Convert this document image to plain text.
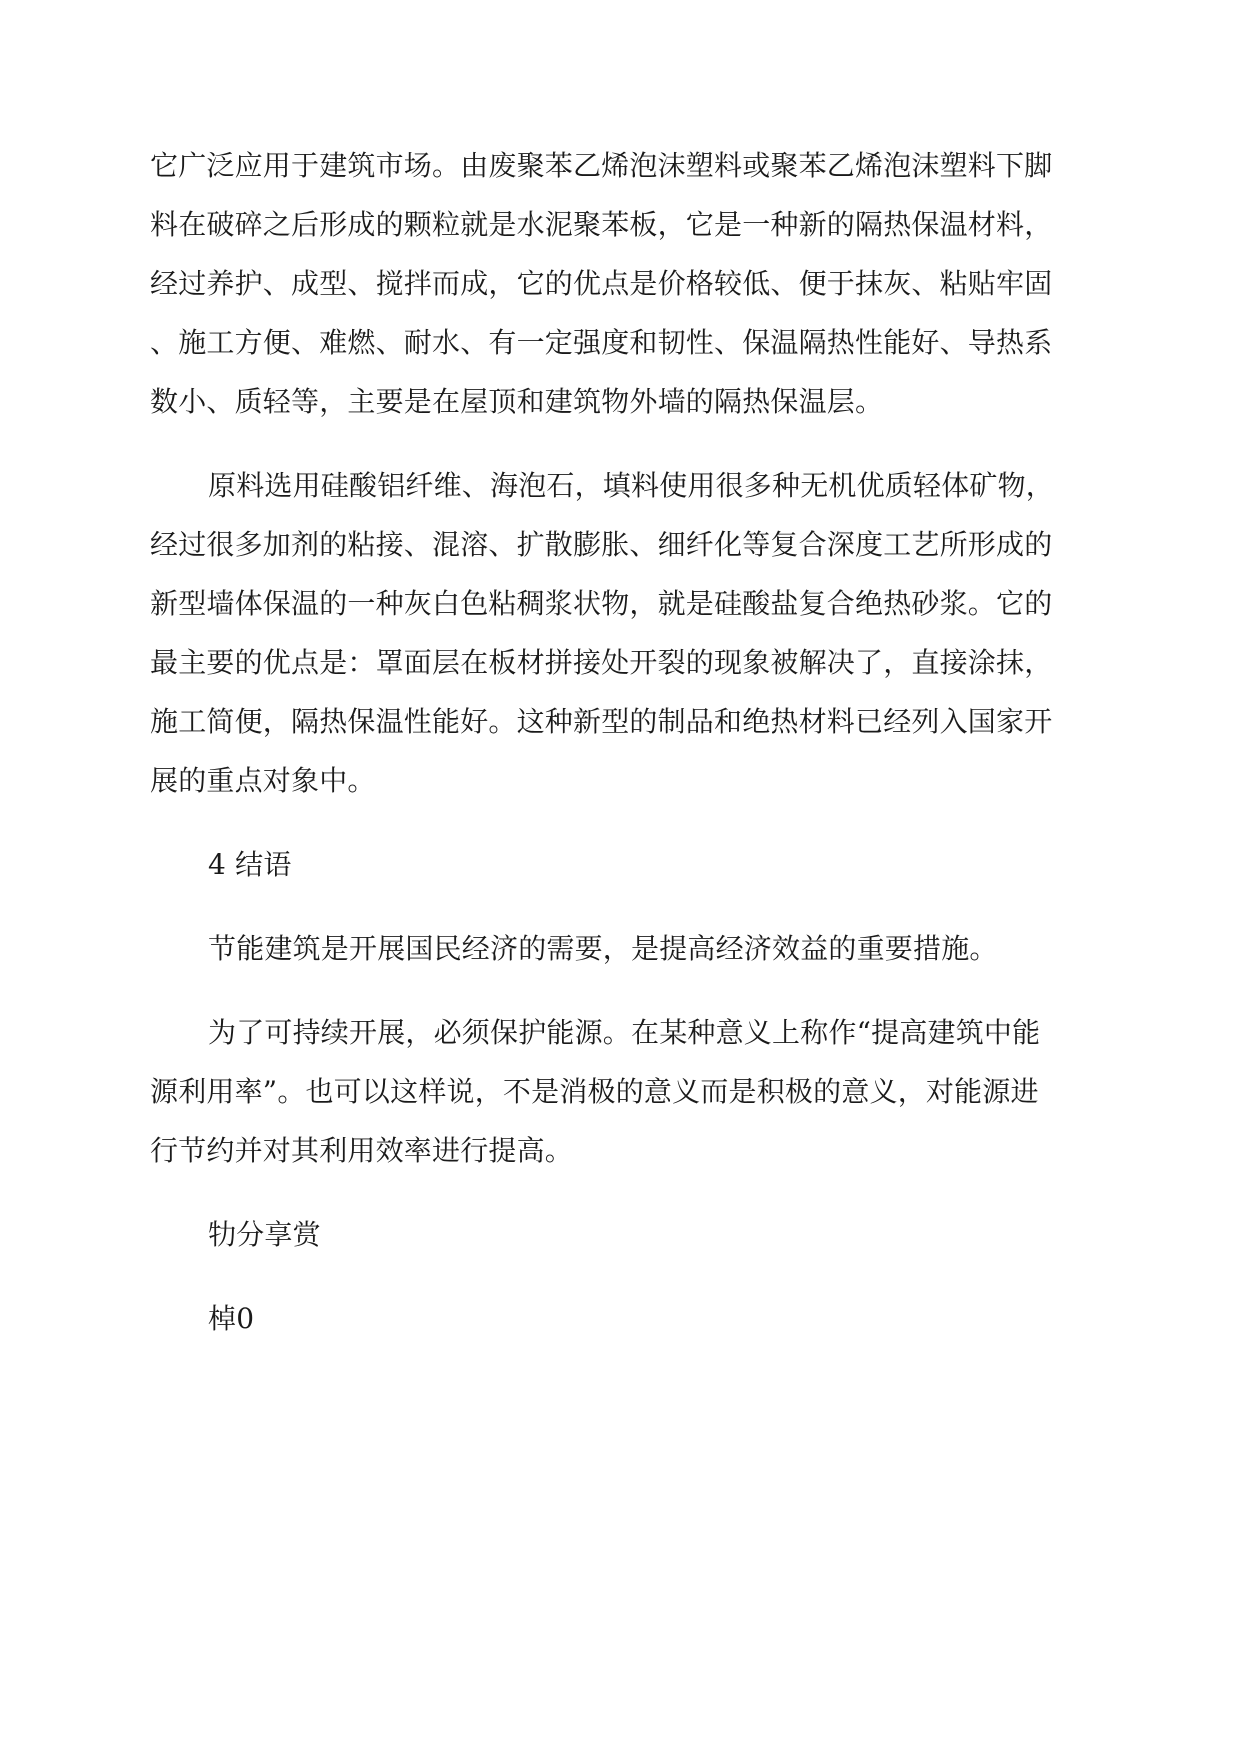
它广泛应用于建筑市场。由废聚苯乙烯泡沫塑料或聚苯乙烯泡沫塑料下脚
料在破碎之后形成的颗粒就是水泥聚苯板，它是一种新的隔热保温材料，
经过养护、成型、搅拌而成，它的优点是价格较低、便于抹灰、粘贴牢固
、施工方便、难燃、耐水、有一定强度和韧性、保温隔热性能好、导热系
数小、质轻等，主要是在屋顶和建筑物外墙的隔热保温层。

原料选用硅酸铝纤维、海泡石，填料使用很多种无机优质轻体矿物，
经过很多加剂的粘接、混溶、扩散膨胀、细纤化等复合深度工艺所形成的
新型墙体保温的一种灰白色粘稠浆状物，就是硅酸盐复合绝热砂浆。它的
最主要的优点是：罩面层在板材拼接处开裂的现象被解决了，直接涂抹，
施工简便，隔热保温性能好。这种新型的制品和绝热材料已经列入国家开
展的重点对象中。

4 结语

节能建筑是开展国民经济的需要，是提高经济效益的重要措施。

为了可持续开展，必须保护能源。在某种意义上称作“提高建筑中能
源利用率”。也可以这样说，不是消极的意义而是积极的意义，对能源进
行节约并对其利用效率进行提高。

牞分享赏

棹0
